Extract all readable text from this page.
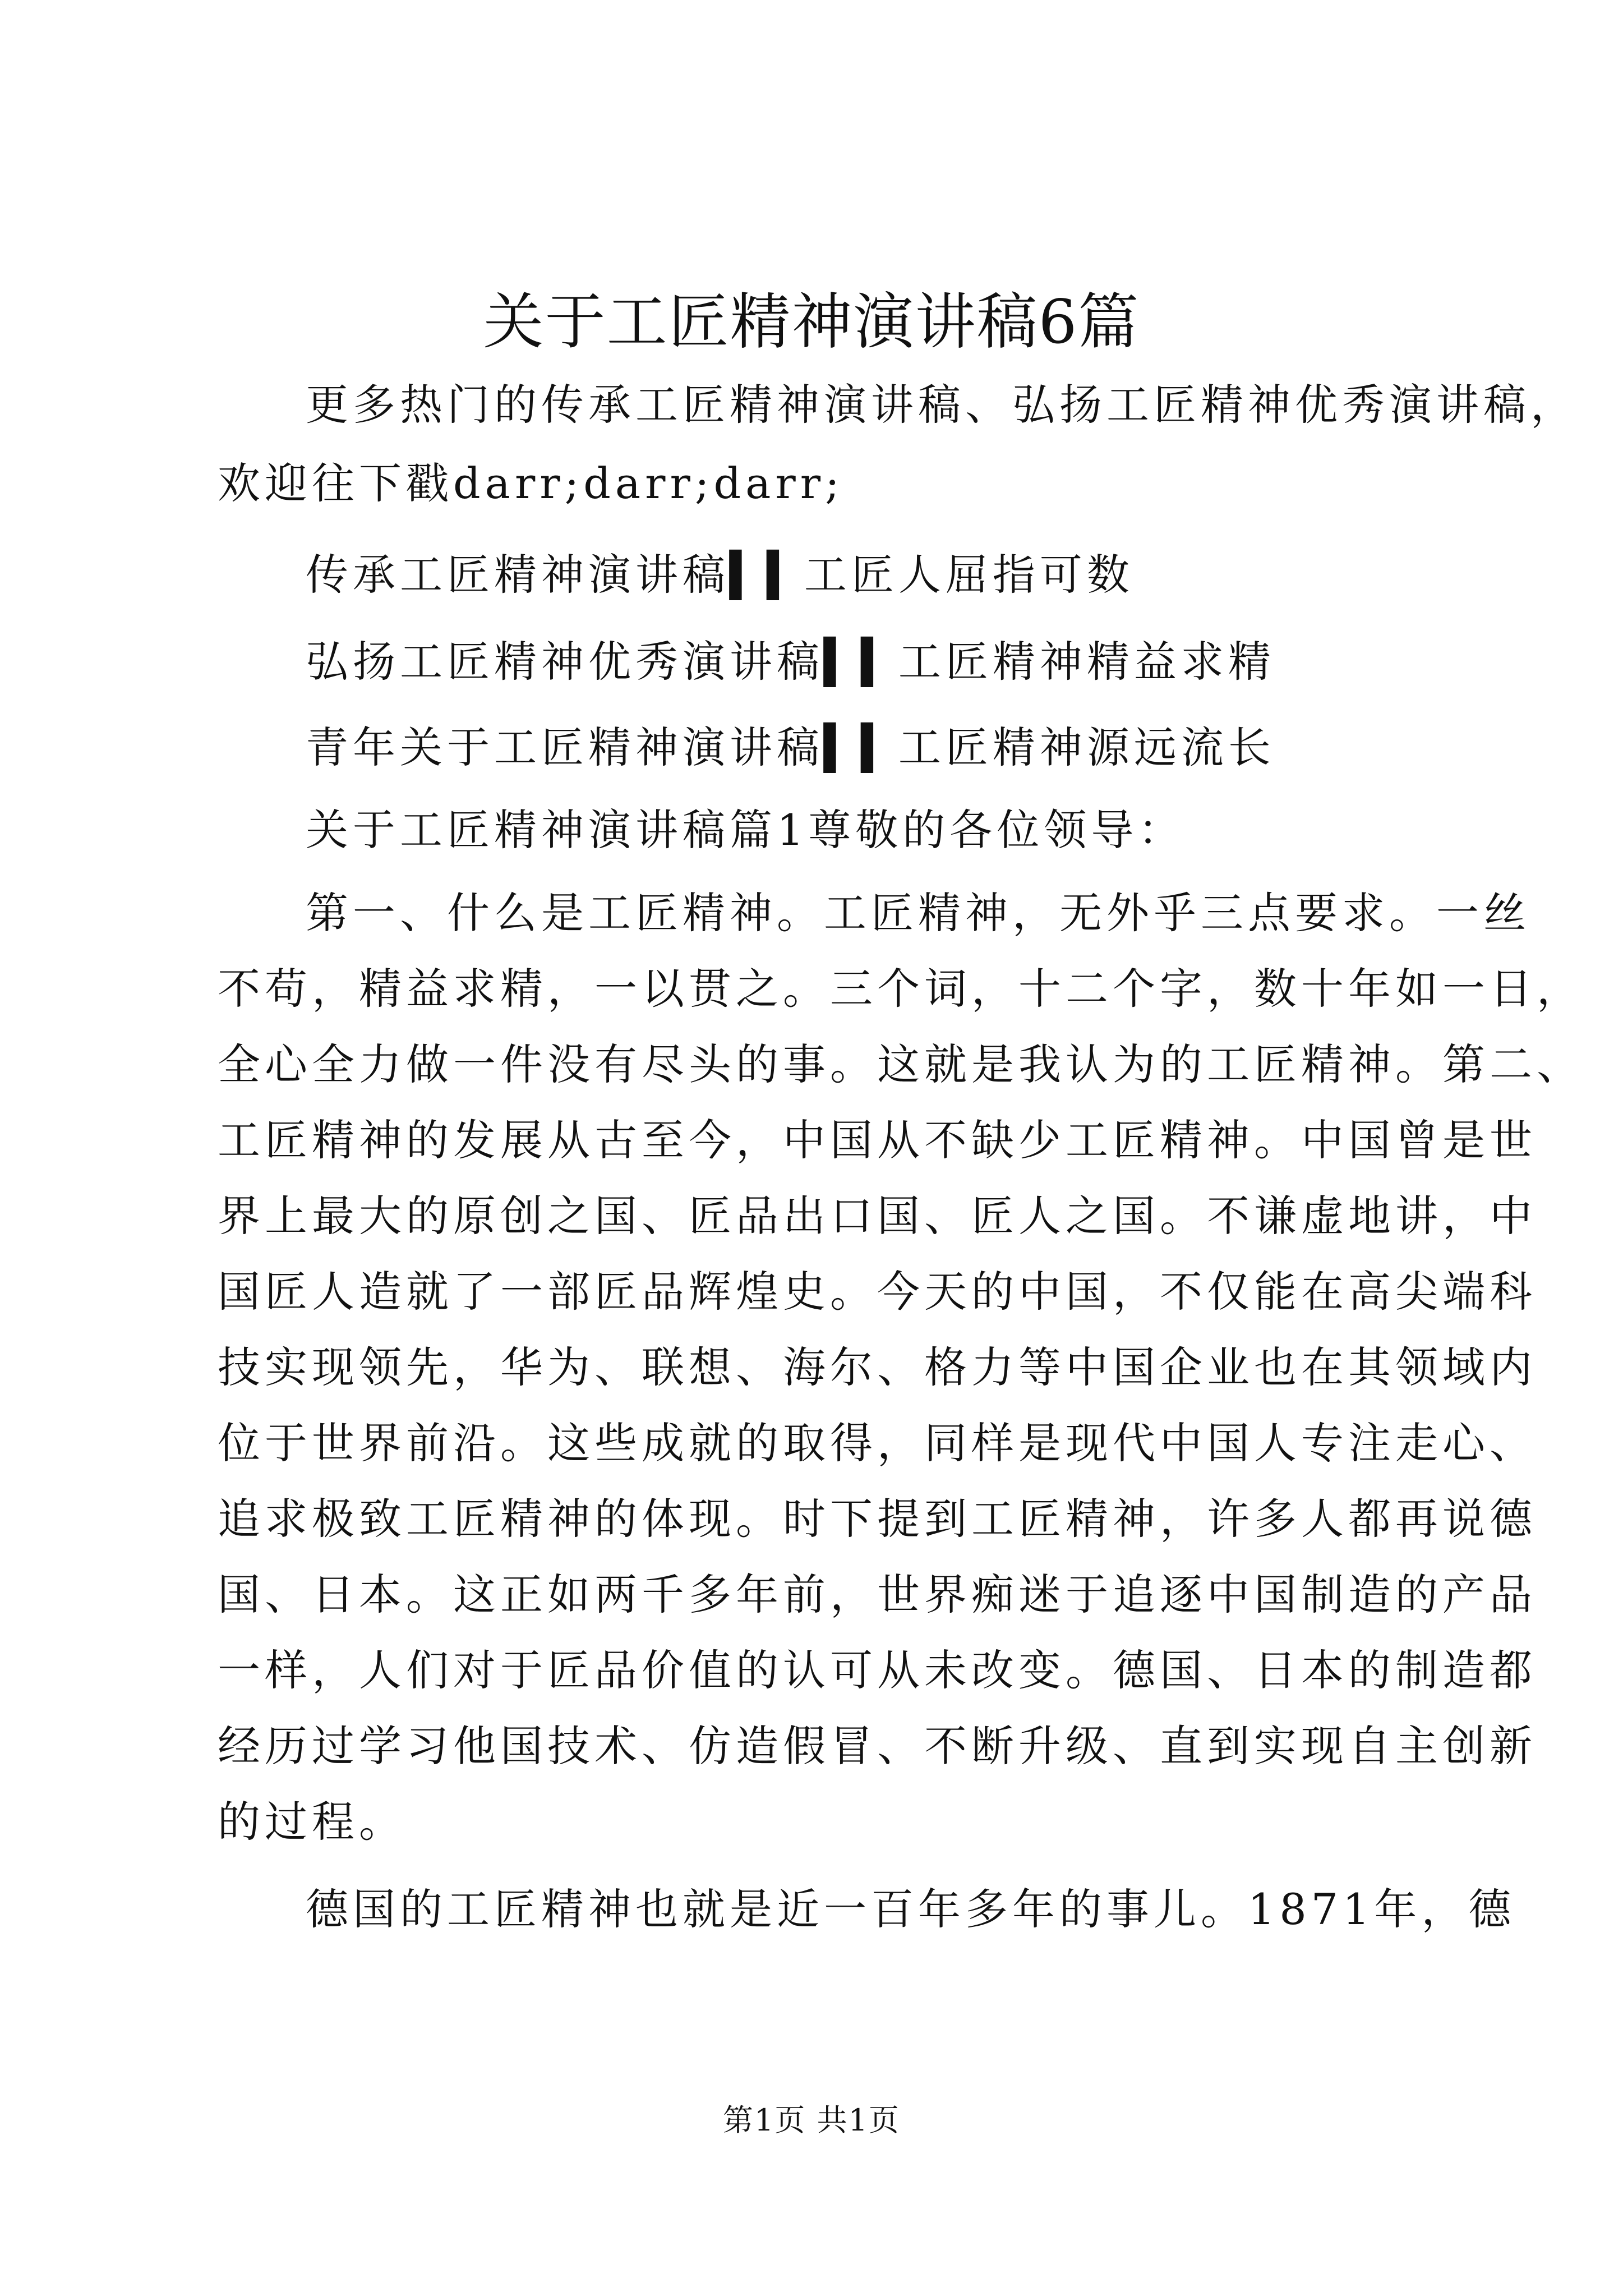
关于工匠精神演讲稿6篇
更多热门的传承工匠精神演讲稿、弘扬工匠精神优秀演讲稿，
欢迎往下戳darr;darr;darr;
传承工匠精神演讲稿▍▍工匠人屈指可数
弘扬工匠精神优秀演讲稿▍▍工匠精神精益求精
青年关于工匠精神演讲稿▍▍工匠精神源远流长
关于工匠精神演讲稿篇1尊敬的各位领导：
第一、什么是工匠精神。工匠精神，无外乎三点要求。一丝
不苟，精益求精，一以贯之。三个词，十二个字，数十年如一日，
全心全力做一件没有尽头的事。这就是我认为的工匠精神。第二、
工匠精神的发展从古至今，中国从不缺少工匠精神。中国曾是世
界上最大的原创之国、匠品出口国、匠人之国。不谦虚地讲，中
国匠人造就了一部匠品辉煌史。今天的中国，不仅能在高尖端科
技实现领先，华为、联想、海尔、格力等中国企业也在其领域内
位于世界前沿。这些成就的取得，同样是现代中国人专注走心、
追求极致工匠精神的体现。时下提到工匠精神，许多人都再说德
国、日本。这正如两千多年前，世界痴迷于追逐中国制造的产品
一样，人们对于匠品价值的认可从未改变。德国、日本的制造都
经历过学习他国技术、仿造假冒、不断升级、直到实现自主创新
的过程。
德国的工匠精神也就是近一百年多年的事儿。1871年，德
第1页 共1页
